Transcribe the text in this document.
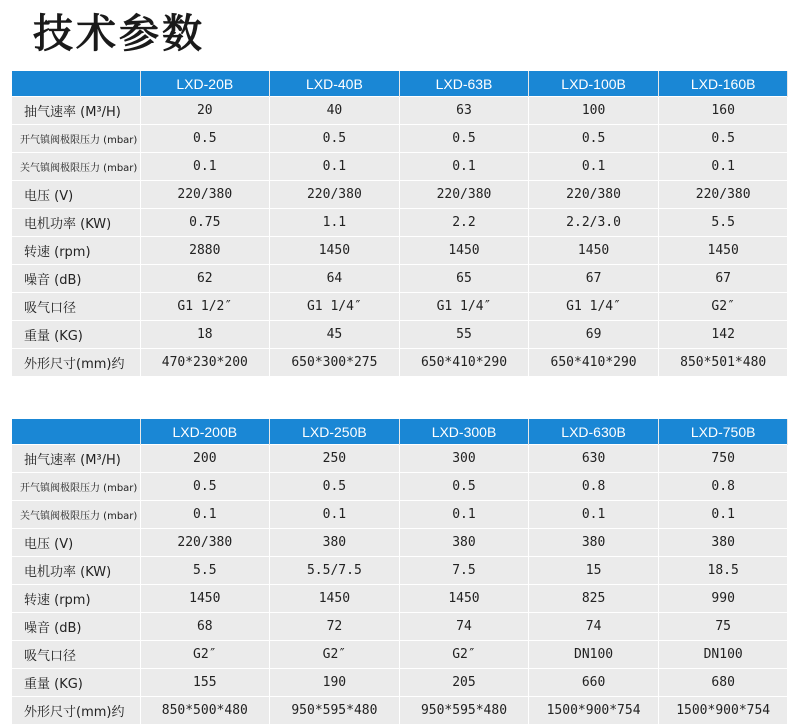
技术参数
	LXD-20B	LXD-40B	LXD-63B	LXD-100B	LXD-160B
抽气速率 (M³/H)	20	40	63	100	160
开气镇阀极限压力 (mbar)	0.5	0.5	0.5	0.5	0.5
关气镇阀极限压力 (mbar)	0.1	0.1	0.1	0.1	0.1
电压 (V)	220/380	220/380	220/380	220/380	220/380
电机功率 (KW)	0.75	1.1	2.2	2.2/3.0	5.5
转速 (rpm)	2880	1450	1450	1450	1450
噪音 (dB)	62	64	65	67	67
吸气口径	G1 1/2″	G1 1/4″	G1 1/4″	G1 1/4″	G2″
重量 (KG)	18	45	55	69	142
外形尺寸(mm)约	470*230*200	650*300*275	650*410*290	650*410*290	850*501*480
	LXD-200B	LXD-250B	LXD-300B	LXD-630B	LXD-750B
抽气速率 (M³/H)	200	250	300	630	750
开气镇阀极限压力 (mbar)	0.5	0.5	0.5	0.8	0.8
关气镇阀极限压力 (mbar)	0.1	0.1	0.1	0.1	0.1
电压 (V)	220/380	380	380	380	380
电机功率 (KW)	5.5	5.5/7.5	7.5	15	18.5
转速 (rpm)	1450	1450	1450	825	990
噪音 (dB)	68	72	74	74	75
吸气口径	G2″	G2″	G2″	DN100	DN100
重量 (KG)	155	190	205	660	680
外形尺寸(mm)约	850*500*480	950*595*480	950*595*480	1500*900*754	1500*900*754
